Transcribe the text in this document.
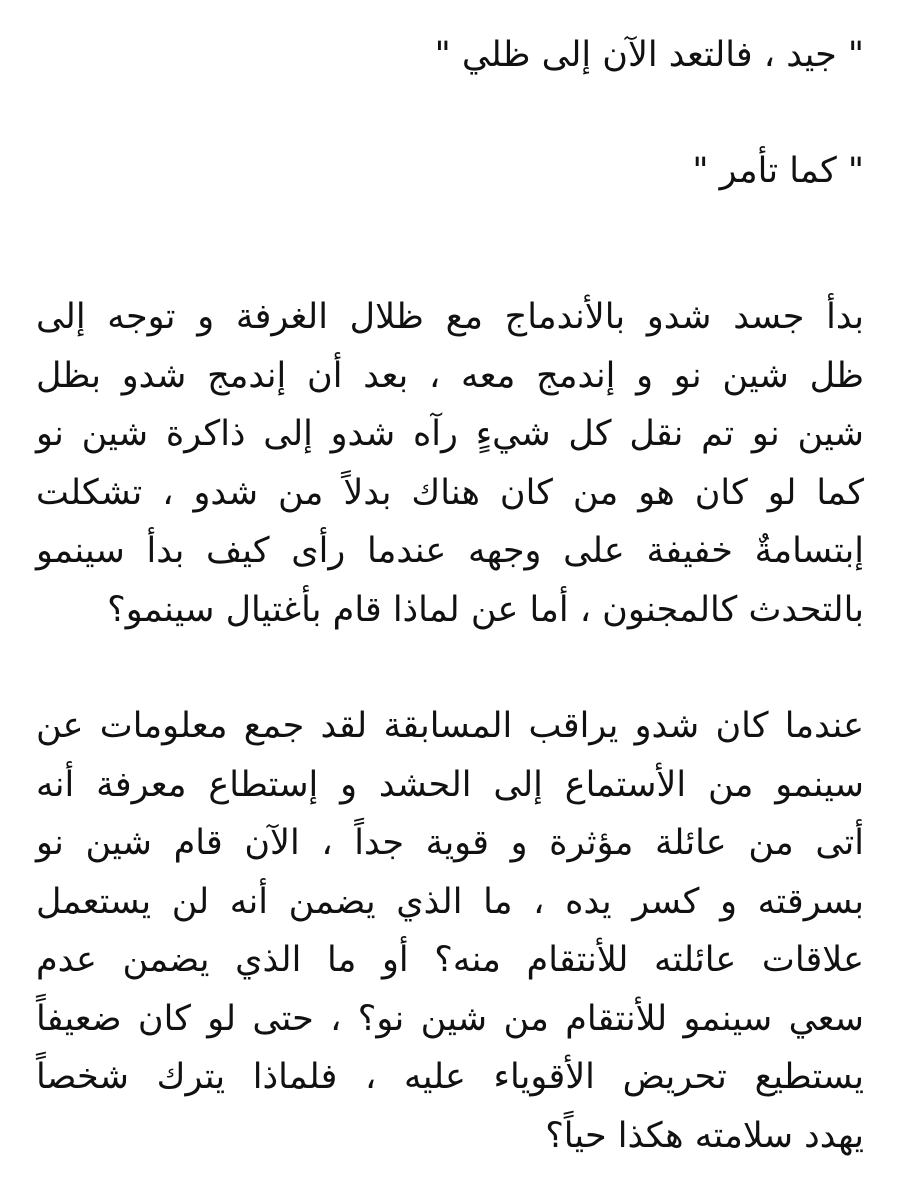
" جيد ، فالتعد الآن إلى ظلي "

" كما تأمر "

بدأ جسد شدو بالأندماج مع ظلال الغرفة و توجه إلى
ظل شين نو و إندمج معه ، بعد أن إندمج شدو بظل
شين نو تم نقل كل شيءٍ رآه شدو إلى ذاكرة شين نو
كما لو كان هو من كان هناك بدلاً من شدو ، تشكلت
إبتسامةٌ خفيفة على وجهه عندما رأى كيف بدأ سينمو
بالتحدث كالمجنون ، أما عن لماذا قام بأغتيال سينمو؟
عندما كان شدو يراقب المسابقة لقد جمع معلومات عن
سينمو من الأستماع إلى الحشد و إستطاع معرفة أنه
أتى من عائلة مؤثرة و قوية جداً ، الآن قام شين نو
بسرقته و كسر يده ، ما الذي يضمن أنه لن يستعمل
علاقات عائلته للأنتقام منه؟ أو ما الذي يضمن عدم
سعي سينمو للأنتقام من شين نو؟ ، حتى لو كان ضعيفاً
يستطيع تحريض الأقوياء عليه ، فلماذا يترك شخصاً
يهدد سلامته هكذا حياً؟
